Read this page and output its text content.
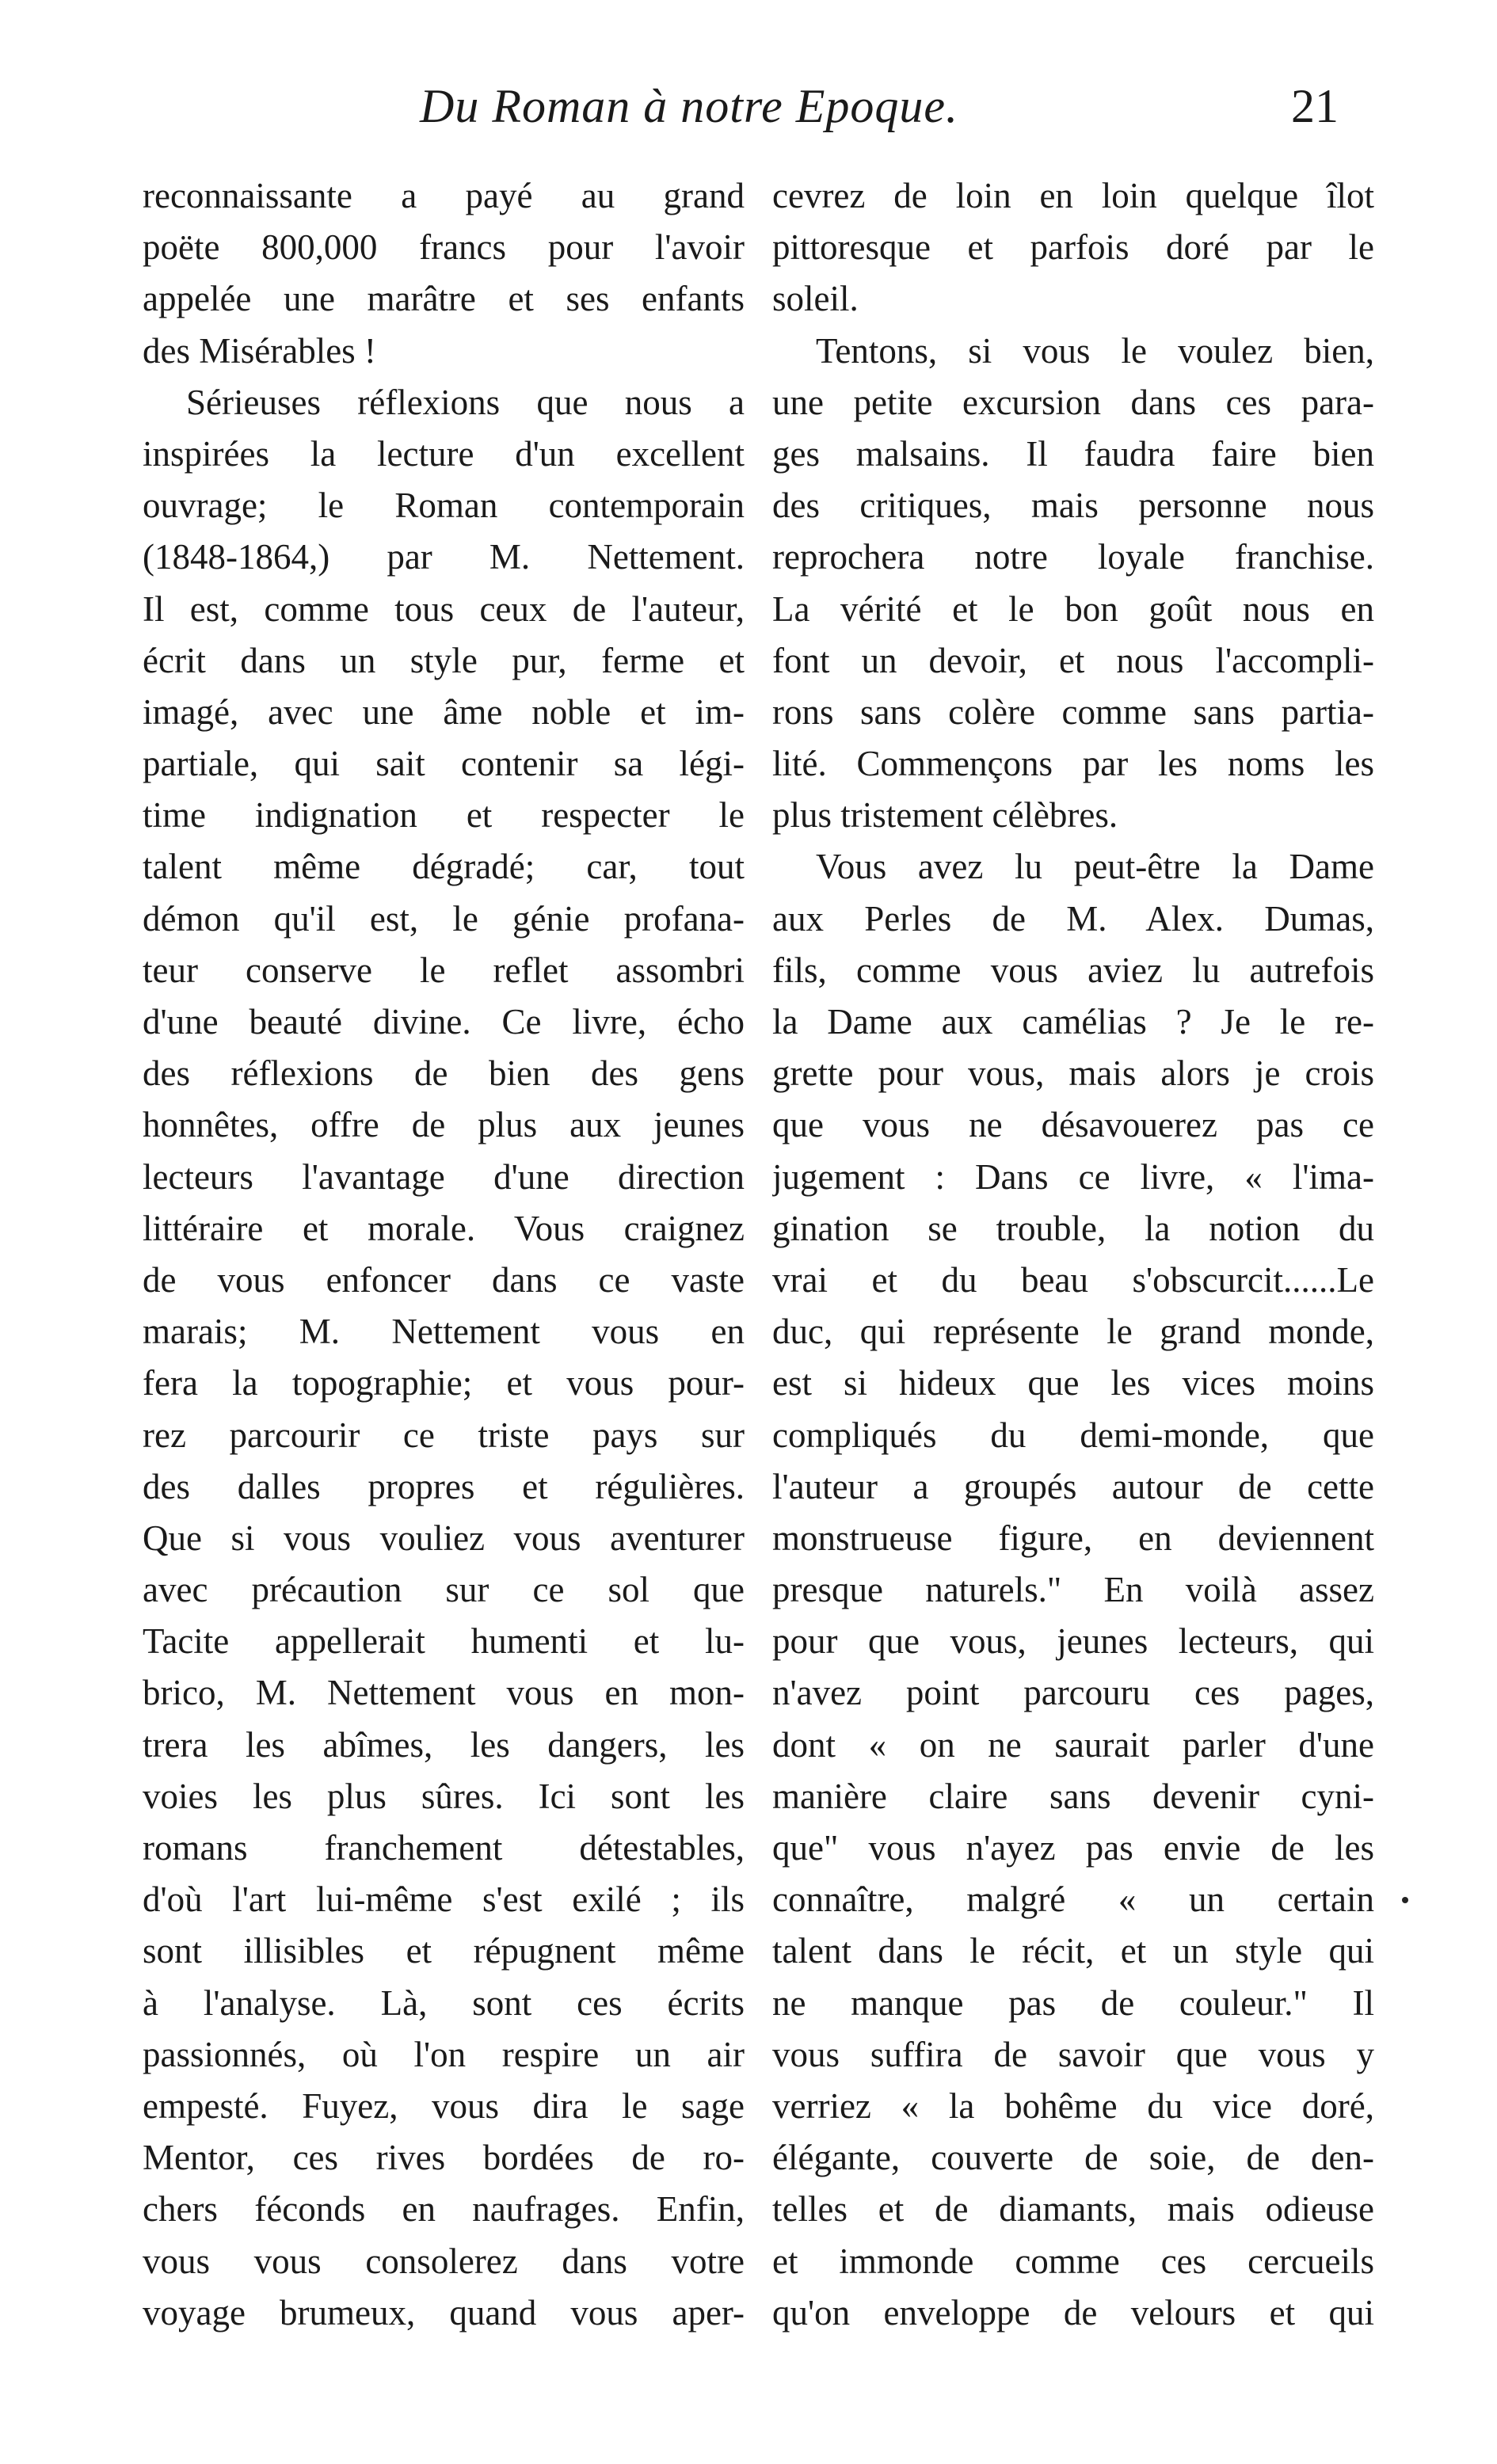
Du Roman à notre Epoque.	21
reconnaissante a payé au grand
poëte 800,000 francs pour l'avoir
appelée une marâtre et ses enfants
des Misérables !
Sérieuses réflexions que nous a
inspirées la lecture d'un excellent
ouvrage; le Roman contemporain
(1848-1864,) par M. Nettement.
Il est, comme tous ceux de l'auteur,
écrit dans un style pur, ferme et
imagé, avec une âme noble et im-
partiale, qui sait contenir sa légi-
time indignation et respecter le
talent même dégradé; car, tout
démon qu'il est, le génie profana-
teur conserve le reflet assombri
d'une beauté divine. Ce livre, écho
des réflexions de bien des gens
honnêtes, offre de plus aux jeunes
lecteurs l'avantage d'une direction
littéraire et morale. Vous craignez
de vous enfoncer dans ce vaste
marais; M. Nettement vous en
fera la topographie; et vous pour-
rez parcourir ce triste pays sur
des dalles propres et régulières.
Que si vous vouliez vous aventurer
avec précaution sur ce sol que
Tacite appellerait humenti et lu-
brico, M. Nettement vous en mon-
trera les abîmes, les dangers, les
voies les plus sûres. Ici sont les
romans franchement détestables,
d'où l'art lui-même s'est exilé ; ils
sont illisibles et répugnent même
à l'analyse. Là, sont ces écrits
passionnés, où l'on respire un air
empesté. Fuyez, vous dira le sage
Mentor, ces rives bordées de ro-
chers féconds en naufrages. Enfin,
vous vous consolerez dans votre
voyage brumeux, quand vous aper-
cevrez de loin en loin quelque îlot
pittoresque et parfois doré par le
soleil.
Tentons, si vous le voulez bien,
une petite excursion dans ces para-
ges malsains. Il faudra faire bien
des critiques, mais personne nous
reprochera notre loyale franchise.
La vérité et le bon goût nous en
font un devoir, et nous l'accompli-
rons sans colère comme sans partia-
lité. Commençons par les noms les
plus tristement célèbres.
Vous avez lu peut-être la Dame
aux Perles de M. Alex. Dumas,
fils, comme vous aviez lu autrefois
la Dame aux camélias ? Je le re-
grette pour vous, mais alors je crois
que vous ne désavouerez pas ce
jugement : Dans ce livre, « l'ima-
gination se trouble, la notion du
vrai et du beau s'obscurcit......Le
duc, qui représente le grand monde,
est si hideux que les vices moins
compliqués du demi-monde, que
l'auteur a groupés autour de cette
monstrueuse figure, en deviennent
presque naturels." En voilà assez
pour que vous, jeunes lecteurs, qui
n'avez point parcouru ces pages,
dont « on ne saurait parler d'une
manière claire sans devenir cyni-
que" vous n'ayez pas envie de les
connaître, malgré « un certain
talent dans le récit, et un style qui
ne manque pas de couleur." Il
vous suffira de savoir que vous y
verriez « la bohême du vice doré,
élégante, couverte de soie, de den-
telles et de diamants, mais odieuse
et immonde comme ces cercueils
qu'on enveloppe de velours et qui
